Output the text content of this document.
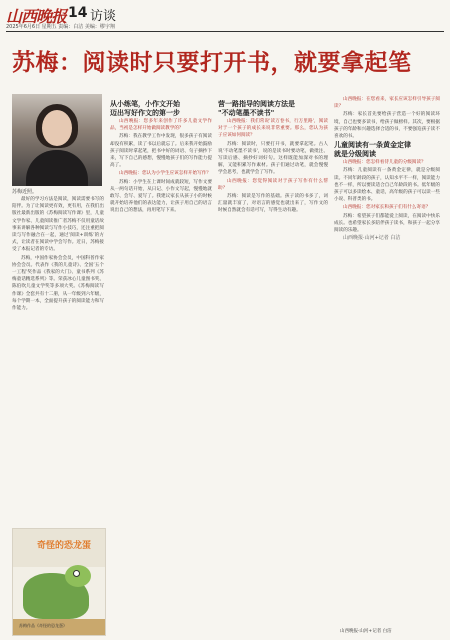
山西晚报 14 访谈
2025年6月6日 星期五 责编：白洁 美编：缪宇翔
苏梅：阅读时只要打开书，就要拿起笔
苏梅近照。

最好的学习方法是阅读，阅读需要书写的陪伴。为了让阅读更有效，更有用，在我们出版社最新出版的《苏梅阅读写作课》里，儿童文学作家、儿童阅读推广者苏梅不仅用童话故事来讲解各种阅读与写作小技巧，还注重把阅读与写作融合在一起，通过‘阅读+训练’的方式，让读者在阅读中学会写作。近日，苏梅接受了本报记者的专访。

苏梅，中国作家协会会员，中国科普作家协会会员。代表作《我的儿童诗》、全国‘五个一工程’奖作品《我家的大门》、童书系列《苏梅童话精选系列》等。荣获冰心儿童图书奖、陈伯吹儿童文学奖等多项大奖。《苏梅阅读写作课》全套共有十二册，从一年级到六年级，每个学期一本，全面提升孩子的阅读能力和写作能力。

从小练笔，小作文开始
迈出写好作文的第一步

山西晚报：您多年来创作了许多儿童文学作品，当初是怎样开始做阅读教学的？

苏梅：我在教学工作中发现，很多孩子有阅读却没有积累，读了书以后就忘了。后来我开始鼓励孩子阅读时拿起笔，把书中好的词语、句子摘抄下来，写下自己的感想，慢慢地孩子们的写作能力提高了。

山西晚报：您认为小学生应该怎样开始写作？

苏梅：小学生在上课时间成就较短，写作文要从一两句话开始，从日记、小作文写起，慢慢地就敢写、会写、爱写了。我建议家长从孩子小的时候就开始培养他们的表达能力，让孩子用自己的语言说出自己的想法，再用笔写下来。

营一路指导的阅读方法是
"不动笔墨不读书"

山西晚报：我们常说'读万卷书，行万里路'，阅读对于一个孩子的成长来说非常重要。那么，您认为孩子应该如何阅读？

苏梅：阅读时，只要打开书，就要拿起笔。古人说'不动笔墨不读书'，说的是读书时要动笔，做批注、写读后感、摘抄好词好句。这样既能加深对书的理解，又能积累写作素材。孩子们通过动笔，就会慢慢学会思考，也就学会了写作。

山西晚报：您觉得阅读对于孩子写作有什么帮助？

苏梅：阅读是写作的基础。孩子读的书多了，词汇量就丰富了，对语言的感觉也就出来了，写作文的时候自然就会有话可写，写得生动有趣。

山西晚报：在您看来，家长应该怎样引导孩子阅读？

苏梅：家长首先要给孩子营造一个好的阅读环境，自己也要多读书，给孩子做榜样。其次，要根据孩子的年龄和兴趣选择合适的书，不要强迫孩子读不喜欢的书。

儿童阅读有一条黄金定律
就是分级阅读

山西晚报：您怎样看待儿童的分级阅读？

苏梅：儿童阅读有一条黄金定律，就是分级阅读。不同年龄段的孩子，认知水平不一样，阅读能力也不一样，所以要读适合自己年龄段的书。低年级的孩子可以多读绘本、童话，高年级的孩子可以读一些小说、科普类的书。

山西晚报：您对家长和孩子们有什么寄语？

苏梅：希望孩子们都能爱上阅读，在阅读中快乐成长。也希望家长多陪伴孩子读书，和孩子一起分享阅读的乐趣。

山西晚报·山河+记者 白洁

奇怪的恐龙蛋
苏梅作品《奇怪的恐龙蛋》
山西晚报·山河+记者 白洁
